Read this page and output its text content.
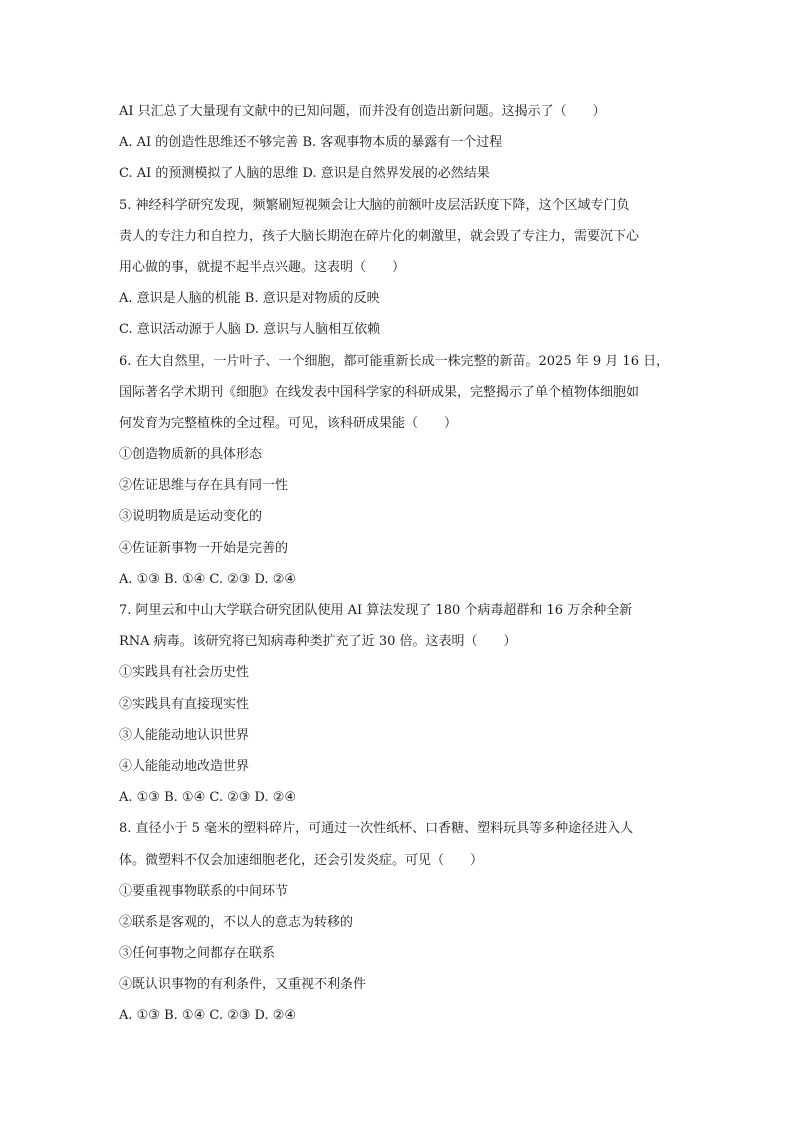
AI 只汇总了大量现有文献中的已知问题，而并没有创造出新问题。这揭示了（　　）
A. AI 的创造性思维还不够完善 B. 客观事物本质的暴露有一个过程
C. AI 的预测模拟了人脑的思维 D. 意识是自然界发展的必然结果
5. 神经科学研究发现，频繁刷短视频会让大脑的前额叶皮层活跃度下降，这个区域专门负
责人的专注力和自控力，孩子大脑长期泡在碎片化的刺激里，就会毁了专注力，需要沉下心
用心做的事，就提不起半点兴趣。这表明（　　）
A. 意识是人脑的机能 B. 意识是对物质的反映
C. 意识活动源于人脑 D. 意识与人脑相互依赖
6. 在大自然里，一片叶子、一个细胞，都可能重新长成一株完整的新苗。2025 年 9 月 16 日，
国际著名学术期刊《细胞》在线发表中国科学家的科研成果，完整揭示了单个植物体细胞如
何发育为完整植株的全过程。可见，该科研成果能（　　）
①创造物质新的具体形态
②佐证思维与存在具有同一性
③说明物质是运动变化的
④佐证新事物一开始是完善的
A. ①③ B. ①④ C. ②③ D. ②④
7. 阿里云和中山大学联合研究团队使用 AI 算法发现了 180 个病毒超群和 16 万余种全新
RNA 病毒。该研究将已知病毒种类扩充了近 30 倍。这表明（　　）
①实践具有社会历史性
②实践具有直接现实性
③人能能动地认识世界
④人能能动地改造世界
A. ①③ B. ①④ C. ②③ D. ②④
8. 直径小于 5 毫米的塑料碎片，可通过一次性纸杯、口香糖、塑料玩具等多种途径进入人
体。微塑料不仅会加速细胞老化，还会引发炎症。可见（　　）
①要重视事物联系的中间环节
②联系是客观的，不以人的意志为转移的
③任何事物之间都存在联系
④既认识事物的有利条件，又重视不利条件
A. ①③ B. ①④ C. ②③ D. ②④
